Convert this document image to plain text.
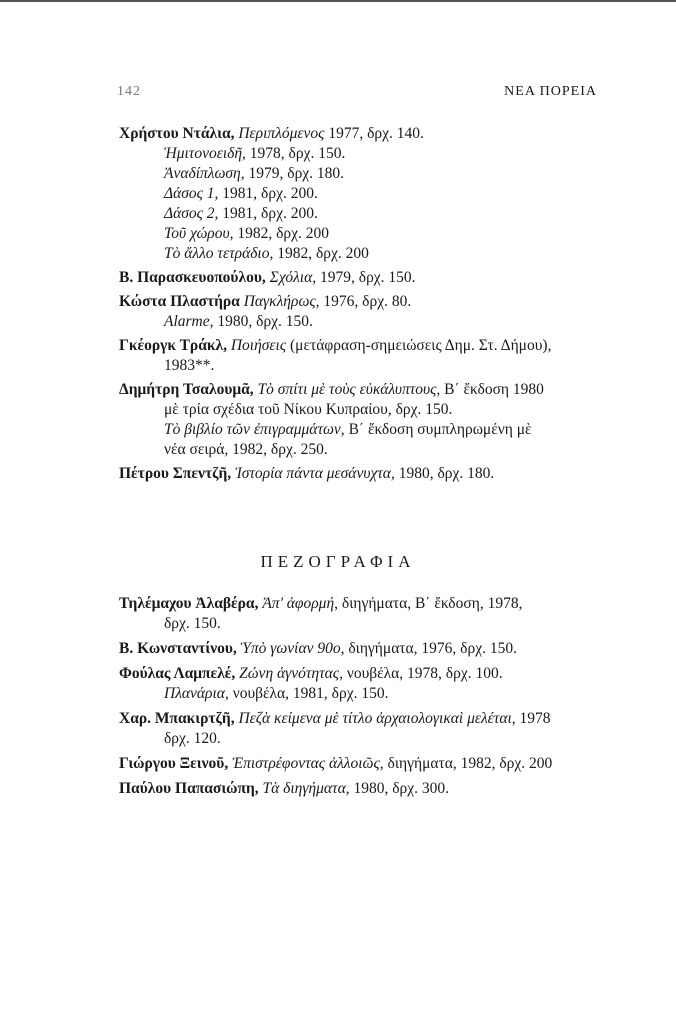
142	ΝΕΑ ΠΟΡΕΙΑ
Χρήστου Ντάλια, Περιπλόμενος 1977, δρχ. 140.
Ἡμιτονοειδῆ, 1978, δρχ. 150.
Ἀναδίπλωση, 1979, δρχ. 180.
Δάσος 1, 1981, δρχ. 200.
Δάσος 2, 1981, δρχ. 200.
Τοῦ χώρου, 1982, δρχ. 200
Τὸ ἄλλο τετράδιο, 1982, δρχ. 200
Β. Παρασκευοπούλου, Σχόλια, 1979, δρχ. 150.
Κώστα Πλαστήρα Παγκλήρως, 1976, δρχ. 80.
Alarme, 1980, δρχ. 150.
Γκέοργκ Τράκλ, Ποιήσεις (μετάφραση-σημειώσεις Δημ. Στ. Δήμου),
1983**.
Δημήτρη Τσαλουμᾶ, Τὸ σπίτι μὲ τοὺς εὐκάλυπτους, Β΄ ἔκδοση 1980
μὲ τρία σχέδια τοῦ Νίκου Κυπραίου, δρχ. 150.
Τὸ βιβλίο τῶν ἐπιγραμμάτων, Β΄ ἔκδοση συμπληρωμένη μὲ
νέα σειρά, 1982, δρχ. 250.
Πέτρου Σπεντζῆ, Ἱστορία πάντα μεσάνυχτα, 1980, δρχ. 180.
ΠΕΖΟΓΡΑΦΙΑ
Τηλέμαχου Ἀλαβέρα, Ἀπ' ἀφορμή, διηγήματα, Β΄ ἔκδοση, 1978,
δρχ. 150.
Β. Κωνσταντίνου, Ὑπὸ γωνίαν 90ο, διηγήματα, 1976, δρχ. 150.
Φούλας Λαμπελέ, Ζώνη ἁγνότητας, νουβέλα, 1978, δρχ. 100.
Πλανάρια, νουβέλα, 1981, δρχ. 150.
Χαρ. Μπακιρτζῆ, Πεζὰ κείμενα μὲ τίτλο ἀρχαιολογικαὶ μελέται, 1978
δρχ. 120.
Γιώργου Ξεινοῦ, Ἐπιστρέφοντας ἀλλοιῶς, διηγήματα, 1982, δρχ. 200
Παύλου Παπασιώπη, Τὰ διηγήματα, 1980, δρχ. 300.
